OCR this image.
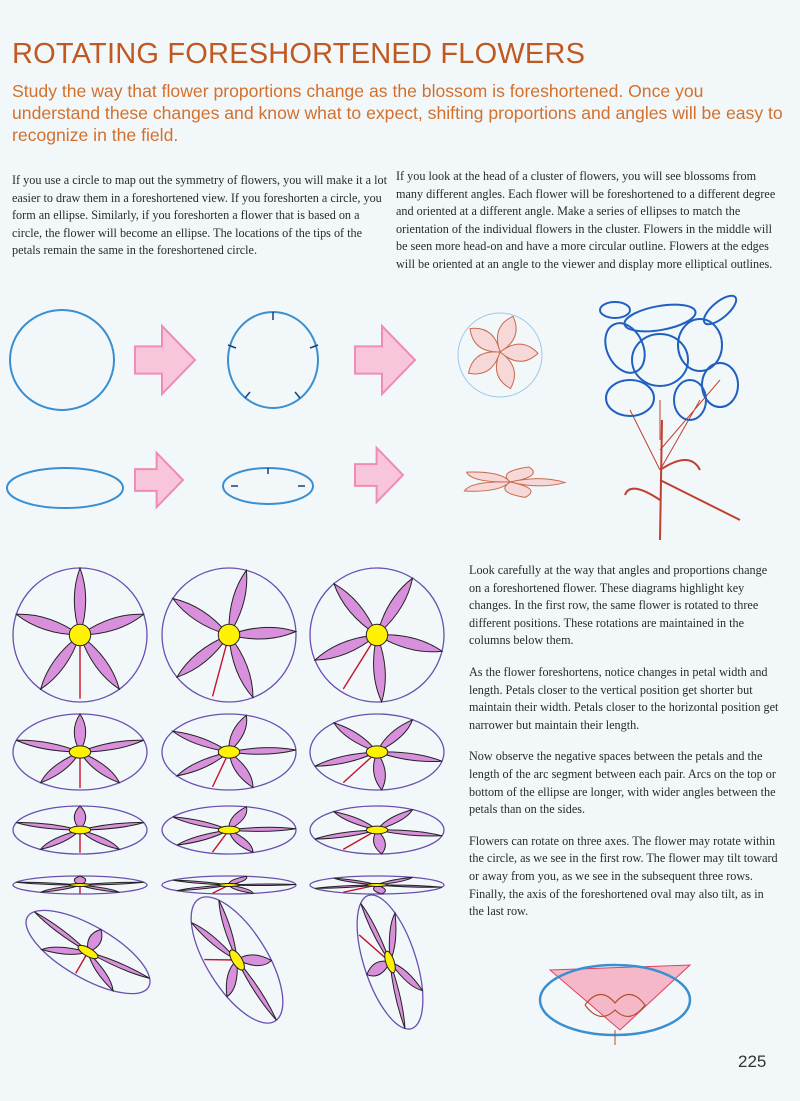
ROTATING FORESHORTENED FLOWERS

Study the way that flower proportions change as the blossom is foreshortened. Once you understand these changes and know what to expect, shifting proportions and angles will be easy to recognize in the field.

If you use a circle to map out the symmetry of flowers, you will make it a lot easier to draw them in a foreshortened view. If you foreshorten a circle, you form an ellipse. Similarly, if you foreshorten a flower that is based on a circle, the flower will become an ellipse. The locations of the tips of the petals remain the same in the foreshortened circle.

If you look at the head of a cluster of flowers, you will see blossoms from many different angles. Each flower will be foreshortened to a different degree and oriented at a different angle. Make a series of ellipses to match the orientation of the individual flowers in the cluster. Flowers in the middle will be seen more head-on and have a more circular outline. Flowers at the edges will be oriented at an angle to the viewer and display more elliptical outlines.

Look carefully at the way that angles and proportions change on a foreshortened flower. These diagrams highlight key changes. In the first row, the same flower is rotated to three different positions. These rotations are maintained in the columns below them.

As the flower foreshortens, notice changes in petal width and length. Petals closer to the vertical position get shorter but maintain their width. Petals closer to the horizontal position get narrower but maintain their length.

Now observe the negative spaces between the petals and the length of the arc segment between each pair. Arcs on the top or bottom of the ellipse are longer, with wider angles between the petals than on the sides.

Flowers can rotate on three axes. The flower may rotate within the circle, as we see in the first row. The flower may tilt toward or away from you, as we see in the subsequent three rows. Finally, the axis of the foreshortened oval may also tilt, as in the last row.

225
